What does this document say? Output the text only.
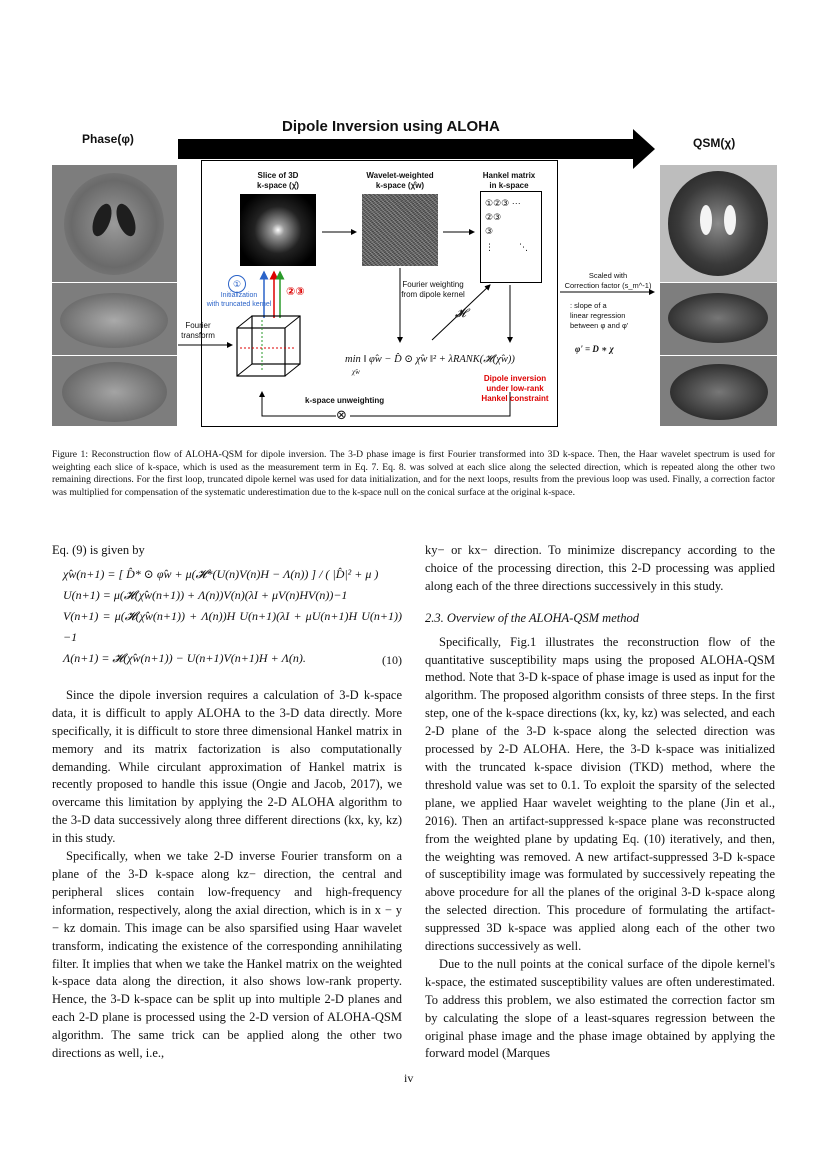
Dipole Inversion using ALOHA
Phase(φ)	QSM(χ)
Slice of 3D
k-space (χ̂)
Wavelet-weighted
k-space (χ̂w)
Hankel matrix
in k-space
①②③ ···
②③
③
⋮          ⋱
①
Initialization
with truncated kernel
②③
Fourier weighting
from dipole kernel
𝓗
Fourier
transform
min ‖ φ̂w − D̂ ⊙ χ̂w ‖² + λRANK(𝓗(χ̂w))
χ̂w
Dipole inversion
under low-rank
Hankel constraint
k-space unweighting
⊗
Scaled with
Correction factor (s_m^-1)
: slope of a
linear regression
between φ and φ'
φ' = D ∗ χ
Figure 1: Reconstruction flow of ALOHA-QSM for dipole inversion. The 3-D phase image is first Fourier transformed into 3D k-space. Then, the Haar wavelet spectrum is used for weighting each slice of k-space, which is used as the measurement term in Eq. 7. Eq. 8. was solved at each slice along the selected direction, which is repeated along the other two remaining directions. For the first loop, truncated dipole kernel was used for data initialization, and for the next loops, results from the previous loop was used. Finally, a correction factor was multiplied for compensation of the systematic underestimation due to the k-space null on the conical surface at the original k-space.

Eq. (9) is given by

χ̂w(n+1) = [ D̂* ⊙ φ̂w + μ(𝓗*(U(n)V(n)H − Λ(n)) ] / ( |D̂|² + μ )
U(n+1) = μ(𝓗(χ̂w(n+1)) + Λ(n))V(n)(λI + μV(n)HV(n))−1
V(n+1) = μ(𝓗(χ̂w(n+1)) + Λ(n))H U(n+1)(λI + μU(n+1)H U(n+1))−1
Λ(n+1) = 𝓗(χ̂w(n+1)) − U(n+1)V(n+1)H + Λ(n).	(10)

Since the dipole inversion requires a calculation of 3-D k-space data, it is difficult to apply ALOHA to the 3-D data directly. More specifically, it is difficult to store three dimensional Hankel matrix in memory and its matrix factorization is also computationally demanding. While circulant approximation of Hankel matrix is recently proposed to handle this issue (Ongie and Jacob, 2017), we overcame this limitation by applying the 2-D ALOHA algorithm to the 3-D data successively along three different directions (kx, ky, kz) in this study.

Specifically, when we take 2-D inverse Fourier transform on a plane of the 3-D k-space along kz− direction, the central and peripheral slices contain low-frequency and high-frequency information, respectively, along the axial direction, which is in x − y − kz domain. This image can be also sparsified using Haar wavelet transform, indicating the existence of the corresponding annihilating filter. It implies that when we take the Hankel matrix on the weighted k-space data along the direction, it also shows low-rank property. Hence, the 3-D k-space can be split up into multiple 2-D planes and each 2-D plane is processed using the 2-D version of ALOHA-QSM algorithm. The same trick can be applied along the other two directions as well, i.e.,

ky− or kx− direction. To minimize discrepancy according to the choice of the processing direction, this 2-D processing was applied along each of the three directions successively in this study.

2.3. Overview of the ALOHA-QSM method

Specifically, Fig.1 illustrates the reconstruction flow of the quantitative susceptibility maps using the proposed ALOHA-QSM method. Note that 3-D k-space of phase image is used as input for the algorithm. The proposed algorithm consists of three steps. In the first step, one of the k-space directions (kx, ky, kz) was selected, and each 2-D plane of the 3-D k-space along the selected direction was processed by 2-D ALOHA. Here, the 3-D k-space was initialized with the truncated k-space division (TKD) method, where the threshold value was set to 0.1. To exploit the sparsity of the selected plane, we applied Haar wavelet weighting to the plane (Jin et al., 2016). Then an artifact-suppressed k-space plane was reconstructed from the weighted plane by updating Eq. (10) iteratively, and then, the weighting was removed. A new artifact-suppressed 3-D k-space of susceptibility image was formulated by successively repeating the above procedure for all the planes of the original 3-D k-space along the selected direction. This procedure of formulating the artifact-suppressed 3D k-space was applied along each of the other two directions successively as well.

Due to the null points at the conical surface of the dipole kernel's k-space, the estimated susceptibility values are often underestimated. To address this problem, we also estimated the correction factor sm by calculating the slope of a least-squares regression between the original phase image and the phase image obtained by applying the forward model (Marques

iv
